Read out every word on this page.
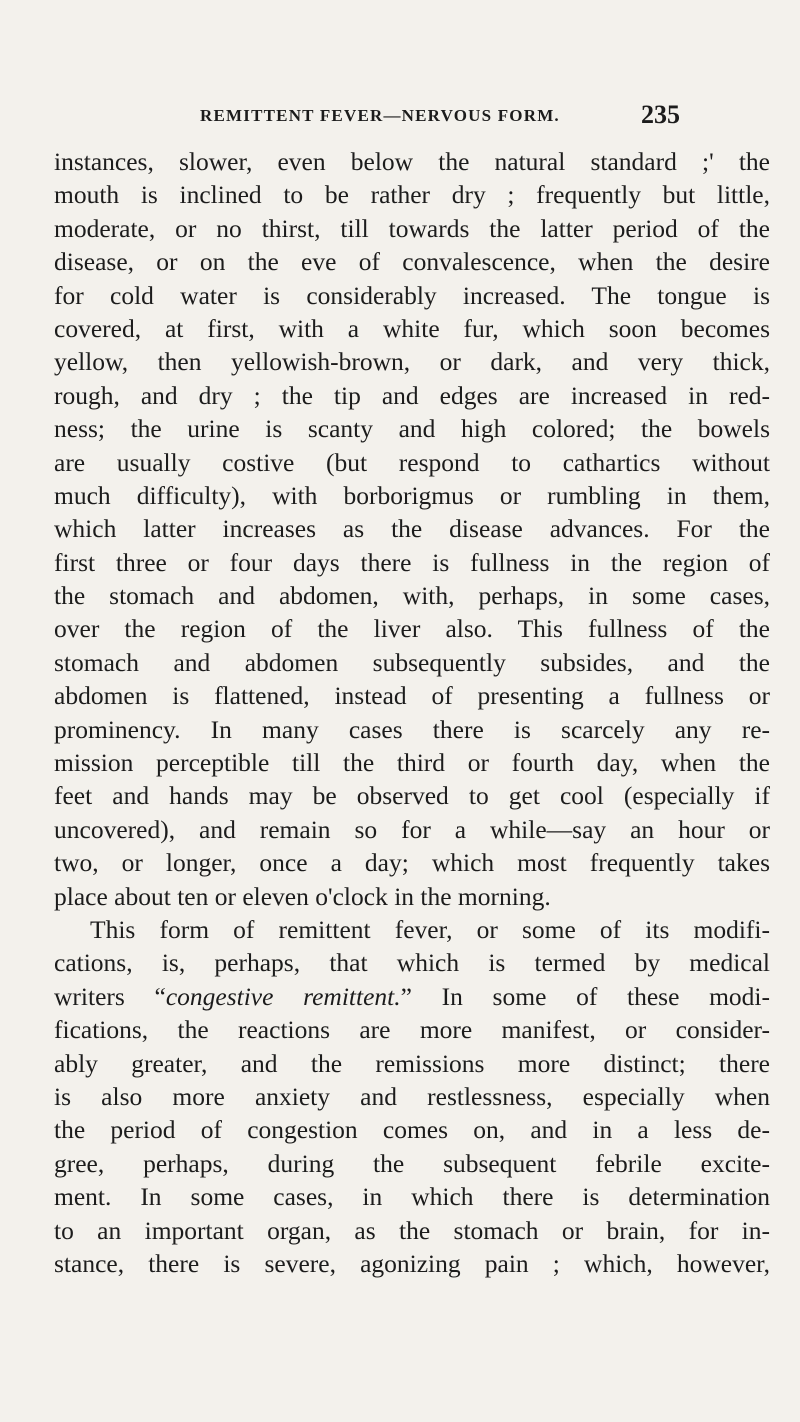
REMITTENT FEVER—NERVOUS FORM.	235
instances, slower, even below the natural standard ;' the
mouth is inclined to be rather dry ; frequently but little,
moderate, or no thirst, till towards the latter period of the
disease, or on the eve of convalescence, when the desire
for cold water is considerably increased. The tongue is
covered, at first, with a white fur, which soon becomes
yellow, then yellowish-brown, or dark, and very thick,
rough, and dry ; the tip and edges are increased in red-
ness; the urine is scanty and high colored; the bowels
are usually costive (but respond to cathartics without
much difficulty), with borborigmus or rumbling in them,
which latter increases as the disease advances. For the
first three or four days there is fullness in the region of
the stomach and abdomen, with, perhaps, in some cases,
over the region of the liver also. This fullness of the
stomach and abdomen subsequently subsides, and the
abdomen is flattened, instead of presenting a fullness or
prominency. In many cases there is scarcely any re-
mission perceptible till the third or fourth day, when the
feet and hands may be observed to get cool (especially if
uncovered), and remain so for a while—say an hour or
two, or longer, once a day; which most frequently takes
place about ten or eleven o'clock in the morning.
This form of remittent fever, or some of its modifi-
cations, is, perhaps, that which is termed by medical
writers “congestive remittent.” In some of these modi-
fications, the reactions are more manifest, or consider-
ably greater, and the remissions more distinct; there
is also more anxiety and restlessness, especially when
the period of congestion comes on, and in a less de-
gree, perhaps, during the subsequent febrile excite-
ment. In some cases, in which there is determination
to an important organ, as the stomach or brain, for in-
stance, there is severe, agonizing pain ; which, however,
